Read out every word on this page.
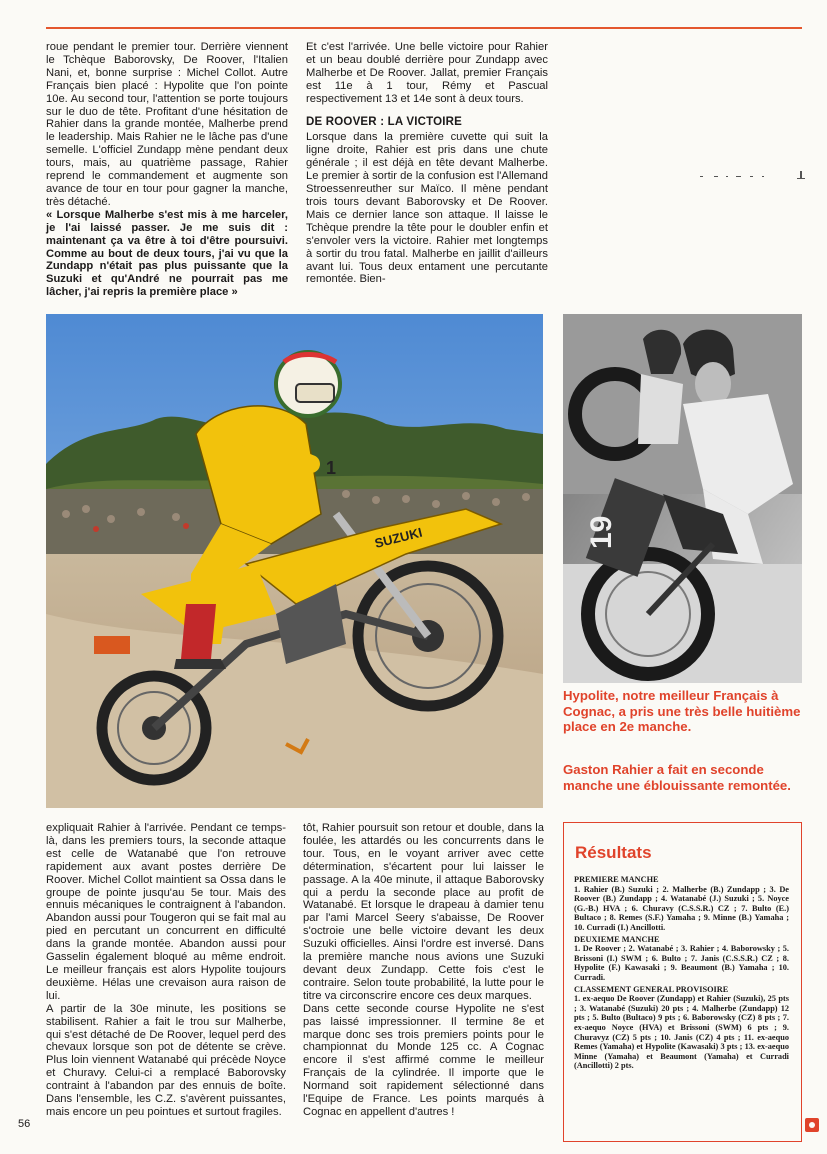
roue pendant le premier tour. Derrière viennent le Tchèque Baborovsky, De Roover, l'Italien Nani, et, bonne surprise : Michel Collot. Autre Français bien placé : Hypolite que l'on pointe 10e. Au second tour, l'attention se porte toujours sur le duo de tête. Profitant d'une hésitation de Rahier dans la grande montée, Malherbe prend le leadership. Mais Rahier ne le lâche pas d'une semelle. L'officiel Zundapp mène pendant deux tours, mais, au quatrième passage, Rahier reprend le commandement et augmente son avance de tour en tour pour gagner la manche, très détaché.

« Lorsque Malherbe s'est mis à me harceler, je l'ai laissé passer. Je me suis dit : maintenant ça va être à toi d'être poursuivi. Comme au bout de deux tours, j'ai vu que la Zundapp n'était pas plus puissante que la Suzuki et qu'André ne pourrait pas me lâcher, j'ai repris la première place »

Et c'est l'arrivée. Une belle victoire pour Rahier et un beau doublé derrière pour Zundapp avec Malherbe et De Roover. Jallat, premier Français est 11e à 1 tour, Rémy et Pascual respectivement 13 et 14e sont à deux tours.

DE ROOVER : LA VICTOIRE

Lorsque dans la première cuvette qui suit la ligne droite, Rahier est pris dans une chute générale ; il est déjà en tête devant Malherbe. Le premier à sortir de la confusion est l'Allemand Stroessenreuther sur Maïco. Il mène pendant trois tours devant Baborovsky et De Roover. Mais ce dernier lance son attaque. Il laisse le Tchèque prendre la tête pour le doubler enfin et s'envoler vers la victoire. Rahier met longtemps à sortir du trou fatal. Malherbe en jaillit d'ailleurs avant lui. Tous deux entament une percutante remontée. Bien-

SUZUKI
1
19
Hypolite, notre meilleur Français à Cognac, a pris une très belle huitième place en 2e manche.
Gaston Rahier a fait en seconde manche une éblouissante remontée.

expliquait Rahier à l'arrivée. Pendant ce temps-là, dans les premiers tours, la seconde attaque est celle de Watanabé que l'on retrouve rapidement aux avant postes derrière De Roover. Michel Collot maintient sa Ossa dans le groupe de pointe jusqu'au 5e tour. Mais des ennuis mécaniques le contraignent à l'abandon. Abandon aussi pour Tougeron qui se fait mal au pied en percutant un concurrent en difficulté dans la grande montée. Abandon aussi pour Gasselin également bloqué au même endroit. Le meilleur français est alors Hypolite toujours deuxième. Hélas une crevaison aura raison de lui.

A partir de la 30e minute, les positions se stabilisent. Rahier a fait le trou sur Malherbe, qui s'est détaché de De Roover, lequel perd des chevaux lorsque son pot de détente se crève. Plus loin viennent Watanabé qui précède Noyce et Churavy. Celui-ci a remplacé Baborovsky contraint à l'abandon par des ennuis de boîte. Dans l'ensemble, les C.Z. s'avèrent puissantes, mais encore un peu pointues et surtout fragiles.

tôt, Rahier poursuit son retour et double, dans la foulée, les attardés ou les concurrents dans le tour. Tous, en le voyant arriver avec cette détermination, s'écartent pour lui laisser le passage. A la 40e minute, il attaque Baborovsky qui a perdu la seconde place au profit de Watanabé. Et lorsque le drapeau à damier tenu par l'ami Marcel Seery s'abaisse, De Roover s'octroie une belle victoire devant les deux Suzuki officielles. Ainsi l'ordre est inversé. Dans la première manche nous avions une Suzuki devant deux Zundapp. Cette fois c'est le contraire. Selon toute probabilité, la lutte pour le titre va circonscrire encore ces deux marques.

Dans cette seconde course Hypolite ne s'est pas laissé impressionner. Il termine 8e et marque donc ses trois premiers points pour le championnat du Monde 125 cc. A Cognac encore il s'est affirmé comme le meilleur Français de la cylindrée. Il importe que le Normand soit rapidement sélectionné dans l'Equipe de France. Les points marqués à Cognac en appellent d'autres !

Résultats

PREMIERE MANCHE

1. Rahier (B.) Suzuki ; 2. Malherbe (B.) Zundapp ; 3. De Roover (B.) Zundapp ; 4. Watanabé (J.) Suzuki ; 5. Noyce (G.-B.) HVA ; 6. Churavy (C.S.S.R.) CZ ; 7. Bulto (E.) Bultaco ; 8. Remes (S.F.) Yamaha ; 9. Minne (B.) Yamaha ; 10. Curradi (I.) Ancillotti.

DEUXIEME MANCHE

1. De Roover ; 2. Watanabé ; 3. Rahier ; 4. Baborowsky ; 5. Brissoni (I.) SWM ; 6. Bulto ; 7. Janis (C.S.S.R.) CZ ; 8. Hypolite (F.) Kawasaki ; 9. Beaumont (B.) Yamaha ; 10. Curradi.

CLASSEMENT GENERAL PROVISOIRE

1. ex-aequo De Roover (Zundapp) et Rahier (Suzuki), 25 pts ; 3. Watanabé (Suzuki) 20 pts ; 4. Malherbe (Zundapp) 12 pts ; 5. Bulto (Bultaco) 9 pts ; 6. Baborowsky (CZ) 8 pts ; 7. ex-aequo Noyce (HVA) et Brissoni (SWM) 6 pts ; 9. Churavyz (CZ) 5 pts ; 10. Janis (CZ) 4 pts ; 11. ex-aequo Remes (Yamaha) et Hypolite (Kawasaki) 3 pts ; 13. ex-aequo Minne (Yamaha) et Beaumont (Yamaha) et Curradi (Ancillotti) 2 pts.

56
